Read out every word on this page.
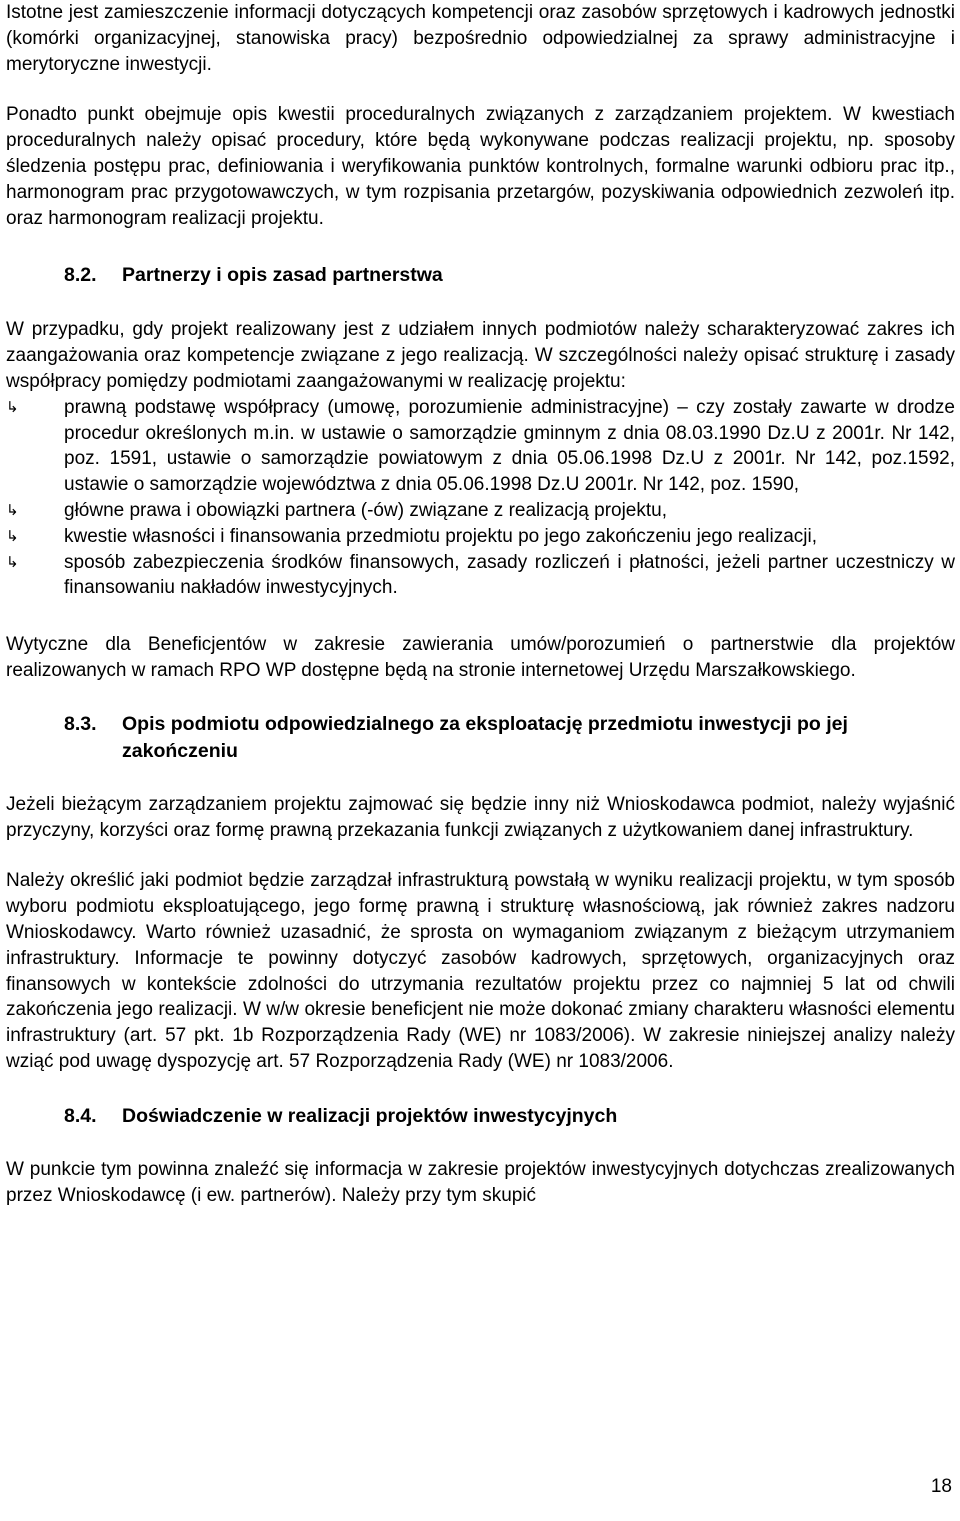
Istotne jest zamieszczenie informacji dotyczących kompetencji oraz zasobów sprzętowych i kadrowych jednostki (komórki organizacyjnej, stanowiska pracy) bezpośrednio odpowiedzialnej za sprawy administracyjne i merytoryczne inwestycji.

Ponadto punkt obejmuje opis kwestii proceduralnych związanych z zarządzaniem projektem. W kwestiach proceduralnych należy opisać procedury, które będą wykonywane podczas realizacji projektu, np. sposoby śledzenia postępu prac, definiowania i weryfikowania punktów kontrolnych, formalne warunki odbioru prac itp., harmonogram prac przygotowawczych, w tym rozpisania przetargów, pozyskiwania odpowiednich zezwoleń itp. oraz harmonogram realizacji projektu.

8.2.	Partnerzy i opis zasad partnerstwa

W przypadku, gdy projekt realizowany jest z udziałem innych podmiotów należy scharakteryzować zakres ich zaangażowania oraz kompetencje związane z jego realizacją. W szczególności należy opisać strukturę i zasady współpracy pomiędzy podmiotami zaangażowanymi w realizację projektu:

↳	prawną podstawę współpracy (umowę, porozumienie administracyjne) – czy zostały zawarte w drodze procedur określonych m.in. w ustawie o samorządzie gminnym z dnia 08.03.1990 Dz.U z 2001r. Nr 142, poz. 1591, ustawie o samorządzie powiatowym z dnia 05.06.1998 Dz.U z 2001r. Nr 142, poz.1592, ustawie o samorządzie województwa z dnia 05.06.1998 Dz.U 2001r. Nr 142, poz. 1590,
↳	główne prawa i obowiązki partnera (-ów) związane z realizacją projektu,
↳	kwestie własności i finansowania przedmiotu projektu po jego zakończeniu jego realizacji,
↳	sposób zabezpieczenia środków finansowych, zasady rozliczeń i płatności, jeżeli partner uczestniczy w finansowaniu nakładów inwestycyjnych.

Wytyczne dla Beneficjentów w zakresie zawierania umów/porozumień o partnerstwie dla projektów realizowanych w ramach RPO WP dostępne będą na stronie internetowej Urzędu Marszałkowskiego.

8.3.	Opis podmiotu odpowiedzialnego za eksploatację przedmiotu inwestycji po jej zakończeniu

Jeżeli bieżącym zarządzaniem projektu zajmować się będzie inny niż Wnioskodawca podmiot, należy wyjaśnić przyczyny, korzyści oraz formę prawną przekazania funkcji związanych z użytkowaniem danej infrastruktury.

Należy określić jaki podmiot będzie zarządzał infrastrukturą powstałą w wyniku realizacji projektu, w tym sposób wyboru podmiotu eksploatującego, jego formę prawną i strukturę własnościową, jak również zakres nadzoru Wnioskodawcy. Warto również uzasadnić, że sprosta on wymaganiom związanym z bieżącym utrzymaniem infrastruktury. Informacje te powinny dotyczyć zasobów kadrowych, sprzętowych, organizacyjnych oraz finansowych w kontekście zdolności do utrzymania rezultatów projektu przez co najmniej 5 lat od chwili zakończenia jego realizacji. W w/w okresie beneficjent nie może dokonać zmiany charakteru własności elementu infrastruktury (art. 57 pkt. 1b Rozporządzenia Rady (WE) nr 1083/2006). W zakresie niniejszej analizy należy wziąć pod uwagę dyspozycję art. 57 Rozporządzenia Rady (WE) nr 1083/2006.

8.4.	Doświadczenie w realizacji projektów inwestycyjnych

W punkcie tym powinna znaleźć się informacja w zakresie projektów inwestycyjnych dotychczas zrealizowanych przez Wnioskodawcę (i ew. partnerów). Należy przy tym skupić

18
